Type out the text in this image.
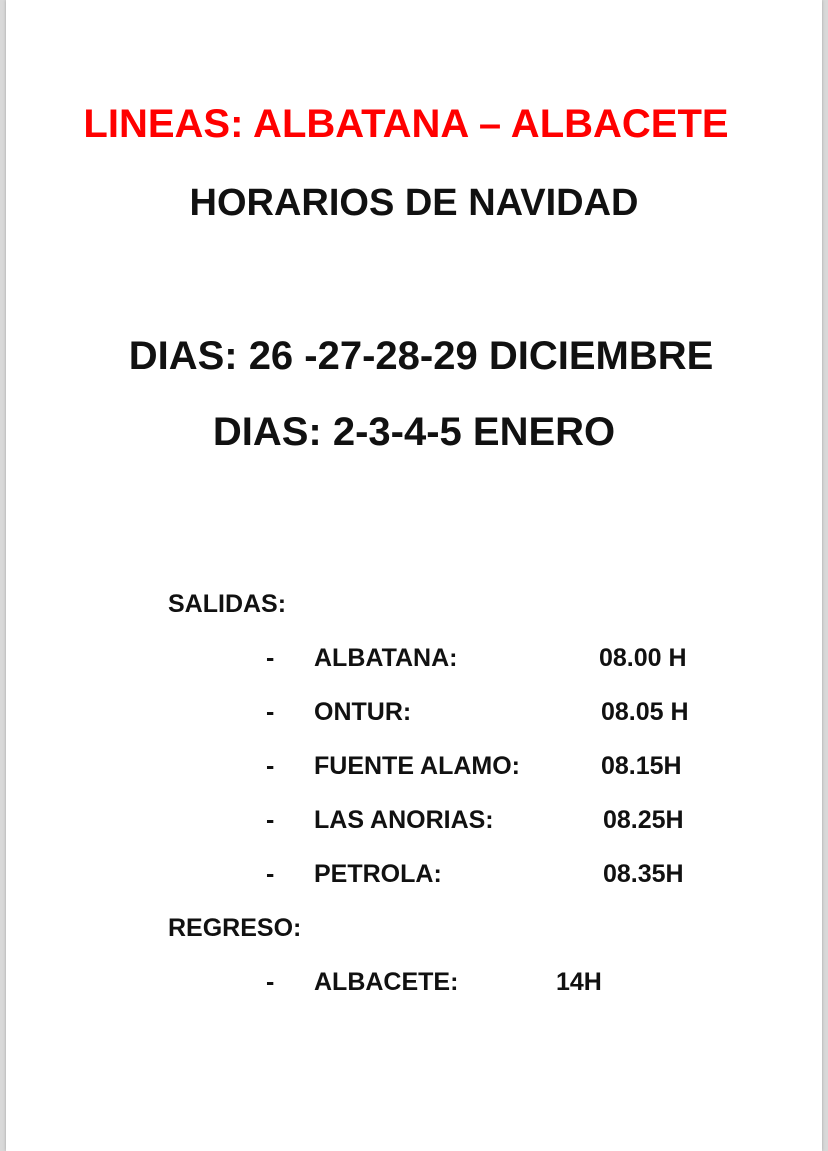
LINEAS: ALBATANA – ALBACETE
HORARIOS DE NAVIDAD
DIAS: 26 -27-28-29 DICIEMBRE
DIAS: 2-3-4-5 ENERO
SALIDAS:
- ALBATANA:	08.00 H
- ONTUR:	08.05 H
- FUENTE ALAMO:	08.15H
- LAS ANORIAS:	08.25H
- PETROLA:	08.35H
REGRESO:
- ALBACETE:	14H
